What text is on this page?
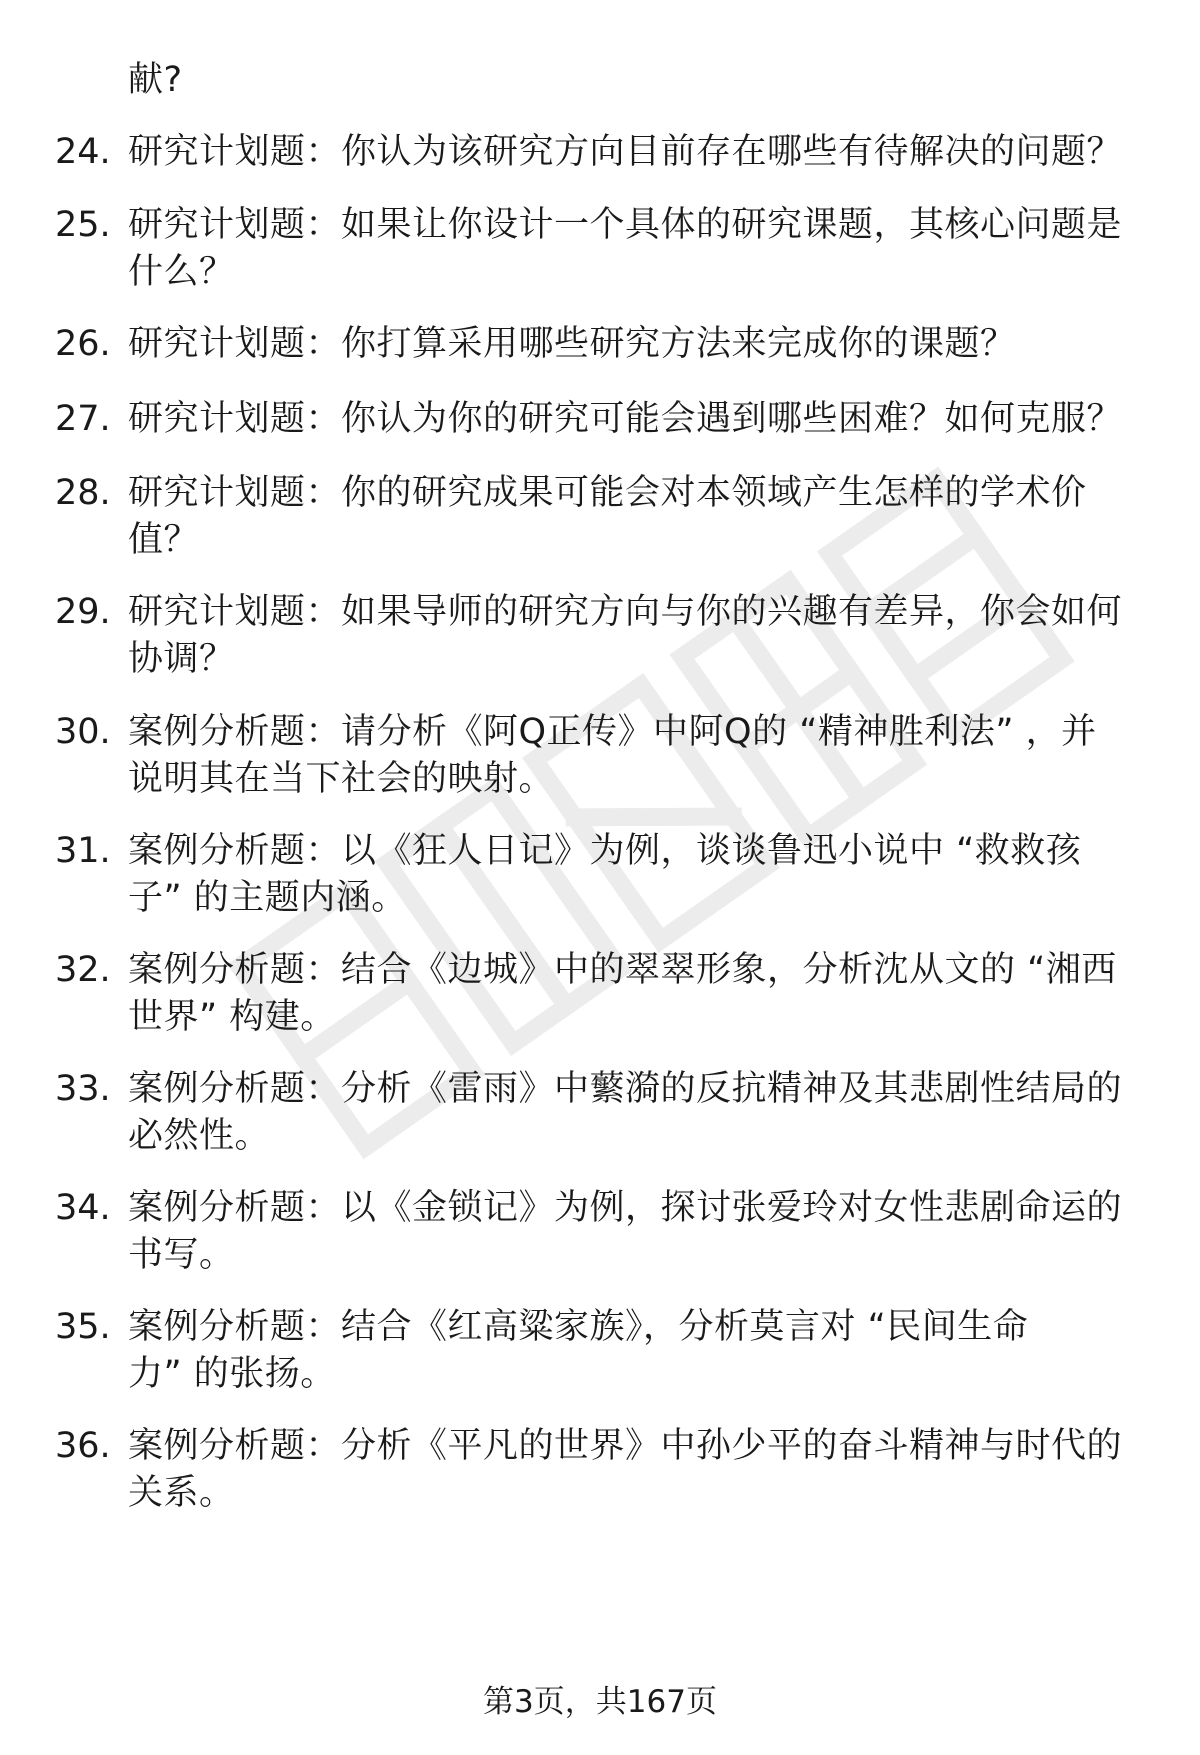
献?
24. 研究计划题：你认为该研究方向目前存在哪些有待解决的问题？
25. 研究计划题：如果让你设计一个具体的研究课题，其核心问题是
什么？
26. 研究计划题：你打算采用哪些研究方法来完成你的课题？
27. 研究计划题：你认为你的研究可能会遇到哪些困难？如何克服？
28. 研究计划题：你的研究成果可能会对本领域产生怎样的学术价
值？
29. 研究计划题：如果导师的研究方向与你的兴趣有差异，你会如何
协调？
30. 案例分析题：请分析《阿Q正传》中阿Q的 “精神胜利法” ，并
说明其在当下社会的映射。
31. 案例分析题：以《狂人日记》为例，谈谈鲁迅小说中 “救救孩
子” 的主题内涵。
32. 案例分析题：结合《边城》中的翠翠形象，分析沈从文的 “湘西
世界” 构建。
33. 案例分析题：分析《雷雨》中蘩漪的反抗精神及其悲剧性结局的
必然性。
34. 案例分析题：以《金锁记》为例，探讨张爱玲对女性悲剧命运的
书写。
35. 案例分析题：结合《红高粱家族》，分析莫言对 “民间生命
力” 的张扬。
36. 案例分析题：分析《平凡的世界》中孙少平的奋斗精神与时代的
关系。
第3页，共167页
